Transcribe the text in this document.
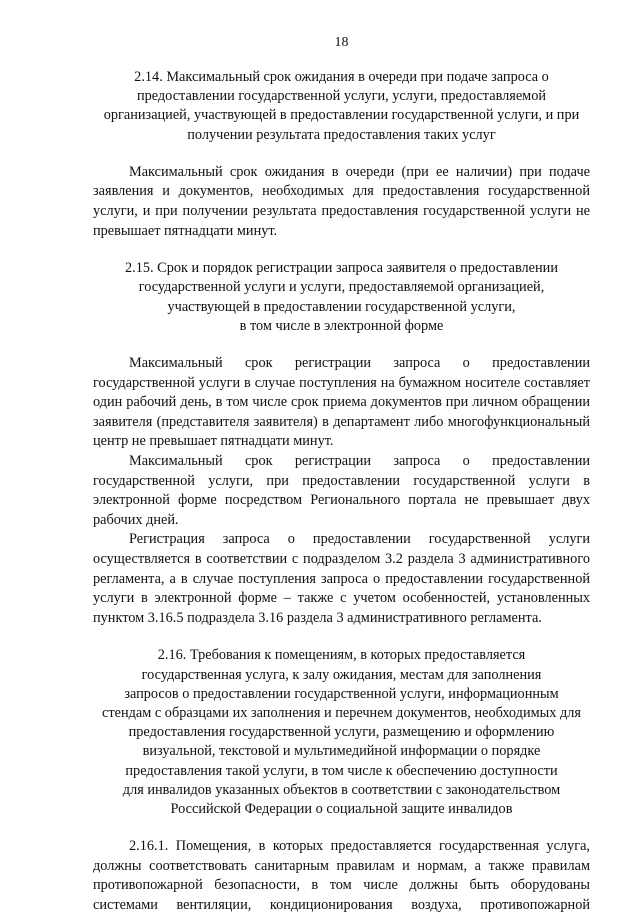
18
2.14. Максимальный срок ожидания в очереди при подаче запроса о
предоставлении государственной услуги, услуги, предоставляемой
организацией, участвующей в предоставлении государственной услуги, и при
получении результата предоставления таких услуг

Максимальный срок ожидания в очереди (при ее наличии) при подаче заявления и документов, необходимых для предоставления государственной услуги, и при получении результата предоставления государственной услуги не превышает пятнадцати минут.

2.15. Срок и порядок регистрации запроса заявителя о предоставлении
государственной услуги и услуги, предоставляемой организацией,
участвующей в предоставлении государственной услуги,
в том числе в электронной форме

Максимальный срок регистрации запроса о предоставлении государственной услуги в случае поступления на бумажном носителе составляет один рабочий день, в том числе срок приема документов при личном обращении заявителя (представителя заявителя) в департамент либо многофункциональный центр не превышает пятнадцати минут.

Максимальный срок регистрации запроса о предоставлении государственной услуги, при предоставлении государственной услуги в электронной форме посредством Регионального портала не превышает двух рабочих дней.

Регистрация запроса о предоставлении государственной услуги осуществляется в соответствии с подразделом 3.2 раздела 3 административного регламента, а в случае поступления запроса о предоставлении государственной услуги в электронной форме – также с учетом особенностей, установленных пунктом 3.16.5 подраздела 3.16 раздела 3 административного регламента.

2.16. Требования к помещениям, в которых предоставляется
государственная услуга, к залу ожидания, местам для заполнения
запросов о предоставлении государственной услуги, информационным
стендам с образцами их заполнения и перечнем документов, необходимых для
предоставления государственной услуги, размещению и оформлению
визуальной, текстовой и мультимедийной информации о порядке
предоставления такой услуги, в том числе к обеспечению доступности
для инвалидов указанных объектов в соответствии с законодательством
Российской Федерации о социальной защите инвалидов

2.16.1. Помещения, в которых предоставляется государственная услуга, должны соответствовать санитарным правилам и нормам, а также правилам противопожарной безопасности, в том числе должны быть оборудованы системами вентиляции, кондиционирования воздуха, противопожарной
